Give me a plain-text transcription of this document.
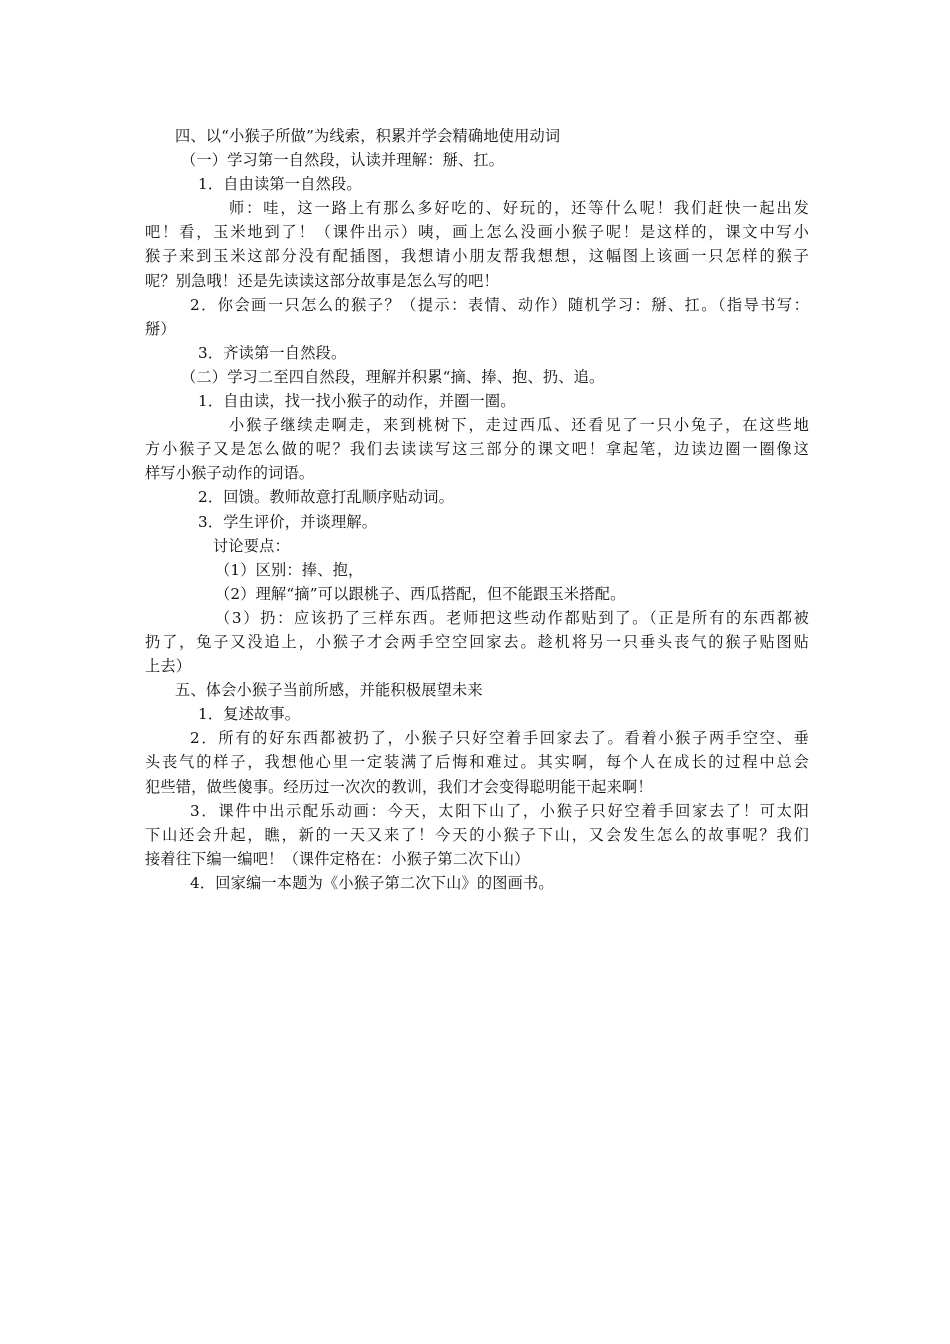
四、以“小猴子所做”为线索，积累并学会精确地使用动词
（一）学习第一自然段，认读并理解：掰、扛。
1．自由读第一自然段。
师：哇，这一路上有那么多好吃的、好玩的，还等什么呢！我们赶快一起出发
吧！看，玉米地到了！（课件出示）咦，画上怎么没画小猴子呢！是这样的，课文中写小
猴子来到玉米这部分没有配插图，我想请小朋友帮我想想，这幅图上该画一只怎样的猴子
呢？别急哦！还是先读读这部分故事是怎么写的吧！
2．你会画一只怎么的猴子？（提示：表情、动作）随机学习：掰、扛。（指导书写：
掰）
3．齐读第一自然段。
（二）学习二至四自然段，理解并积累“摘、捧、抱、扔、追。
1．自由读，找一找小猴子的动作，并圈一圈。
小猴子继续走啊走，来到桃树下，走过西瓜、还看见了一只小兔子，在这些地
方小猴子又是怎么做的呢？我们去读读写这三部分的课文吧！拿起笔，边读边圈一圈像这
样写小猴子动作的词语。
2．回馈。教师故意打乱顺序贴动词。
3．学生评价，并谈理解。
讨论要点：
（1）区别：捧、抱，
（2）理解“摘”可以跟桃子、西瓜搭配，但不能跟玉米搭配。
（3）扔：应该扔了三样东西。老师把这些动作都贴到了。（正是所有的东西都被
扔了，兔子又没追上，小猴子才会两手空空回家去。趁机将另一只垂头丧气的猴子贴图贴
上去）
五、体会小猴子当前所感，并能积极展望未来
1．复述故事。
2．所有的好东西都被扔了，小猴子只好空着手回家去了。看着小猴子两手空空、垂
头丧气的样子，我想他心里一定装满了后悔和难过。其实啊，每个人在成长的过程中总会
犯些错，做些傻事。经历过一次次的教训，我们才会变得聪明能干起来啊！
3．课件中出示配乐动画：今天，太阳下山了，小猴子只好空着手回家去了！可太阳
下山还会升起，瞧，新的一天又来了！今天的小猴子下山，又会发生怎么的故事呢？我们
接着往下编一编吧！（课件定格在：小猴子第二次下山）
4．回家编一本题为《小猴子第二次下山》的图画书。
